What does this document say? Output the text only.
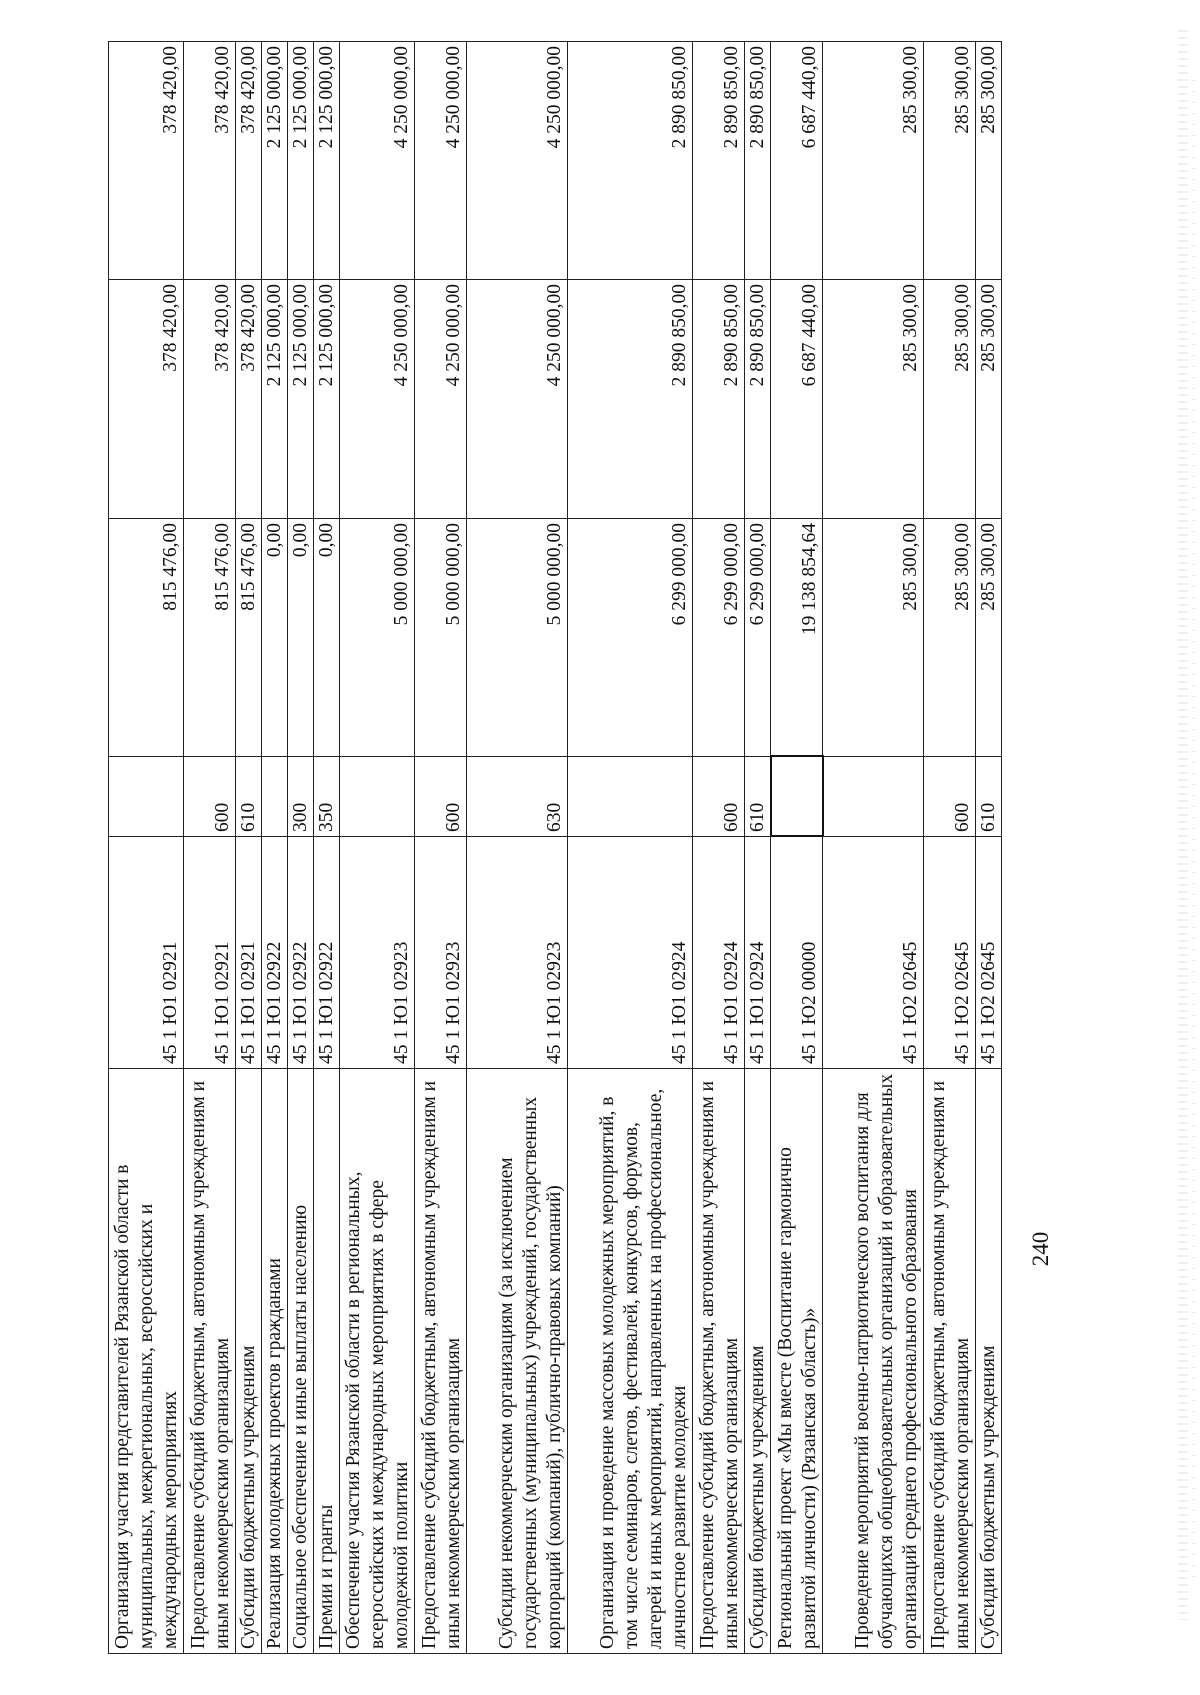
Организация участия представителей Рязанской области в муниципальных, межрегиональных, всероссийских и международных мероприятиях	45 1 Ю1 02921		815 476,00	378 420,00	378 420,00
Предоставление субсидий бюджетным, автономным учреждениям и иным некоммерческим организациям	45 1 Ю1 02921	600	815 476,00	378 420,00	378 420,00
Субсидии бюджетным учреждениям	45 1 Ю1 02921	610	815 476,00	378 420,00	378 420,00
Реализация молодежных проектов гражданами	45 1 Ю1 02922		0,00	2 125 000,00	2 125 000,00
Социальное обеспечение и иные выплаты населению	45 1 Ю1 02922	300	0,00	2 125 000,00	2 125 000,00
Премии и гранты	45 1 Ю1 02922	350	0,00	2 125 000,00	2 125 000,00
Обеспечение участия Рязанской области в региональных, всероссийских и международных мероприятиях в сфере молодежной политики	45 1 Ю1 02923		5 000 000,00	4 250 000,00	4 250 000,00
Предоставление субсидий бюджетным, автономным учреждениям и иным некоммерческим организациям	45 1 Ю1 02923	600	5 000 000,00	4 250 000,00	4 250 000,00
Субсидии некоммерческим организациям (за исключением государственных (муниципальных) учреждений, государственных корпораций (компаний), публично-правовых компаний)	45 1 Ю1 02923	630	5 000 000,00	4 250 000,00	4 250 000,00
Организация и проведение массовых молодежных мероприятий, в том числе семинаров, слетов, фестивалей, конкурсов, форумов, лагерей и иных мероприятий, направленных на профессиональное, личностное развитие молодежи	45 1 Ю1 02924		6 299 000,00	2 890 850,00	2 890 850,00
Предоставление субсидий бюджетным, автономным учреждениям и иным некоммерческим организациям	45 1 Ю1 02924	600	6 299 000,00	2 890 850,00	2 890 850,00
Субсидии бюджетным учреждениям	45 1 Ю1 02924	610	6 299 000,00	2 890 850,00	2 890 850,00
Региональный проект «Мы вместе (Воспитание гармонично развитой личности) (Рязанская область)»	45 1 Ю2 00000		19 138 854,64	6 687 440,00	6 687 440,00
Проведение мероприятий военно-патриотического воспитания для обучающихся общеобразовательных организаций и образовательных организаций среднего профессионального образования	45 1 Ю2 02645		285 300,00	285 300,00	285 300,00
Предоставление субсидий бюджетным, автономным учреждениям и иным некоммерческим организациям	45 1 Ю2 02645	600	285 300,00	285 300,00	285 300,00
Субсидии бюджетным учреждениям	45 1 Ю2 02645	610	285 300,00	285 300,00	285 300,00
240
